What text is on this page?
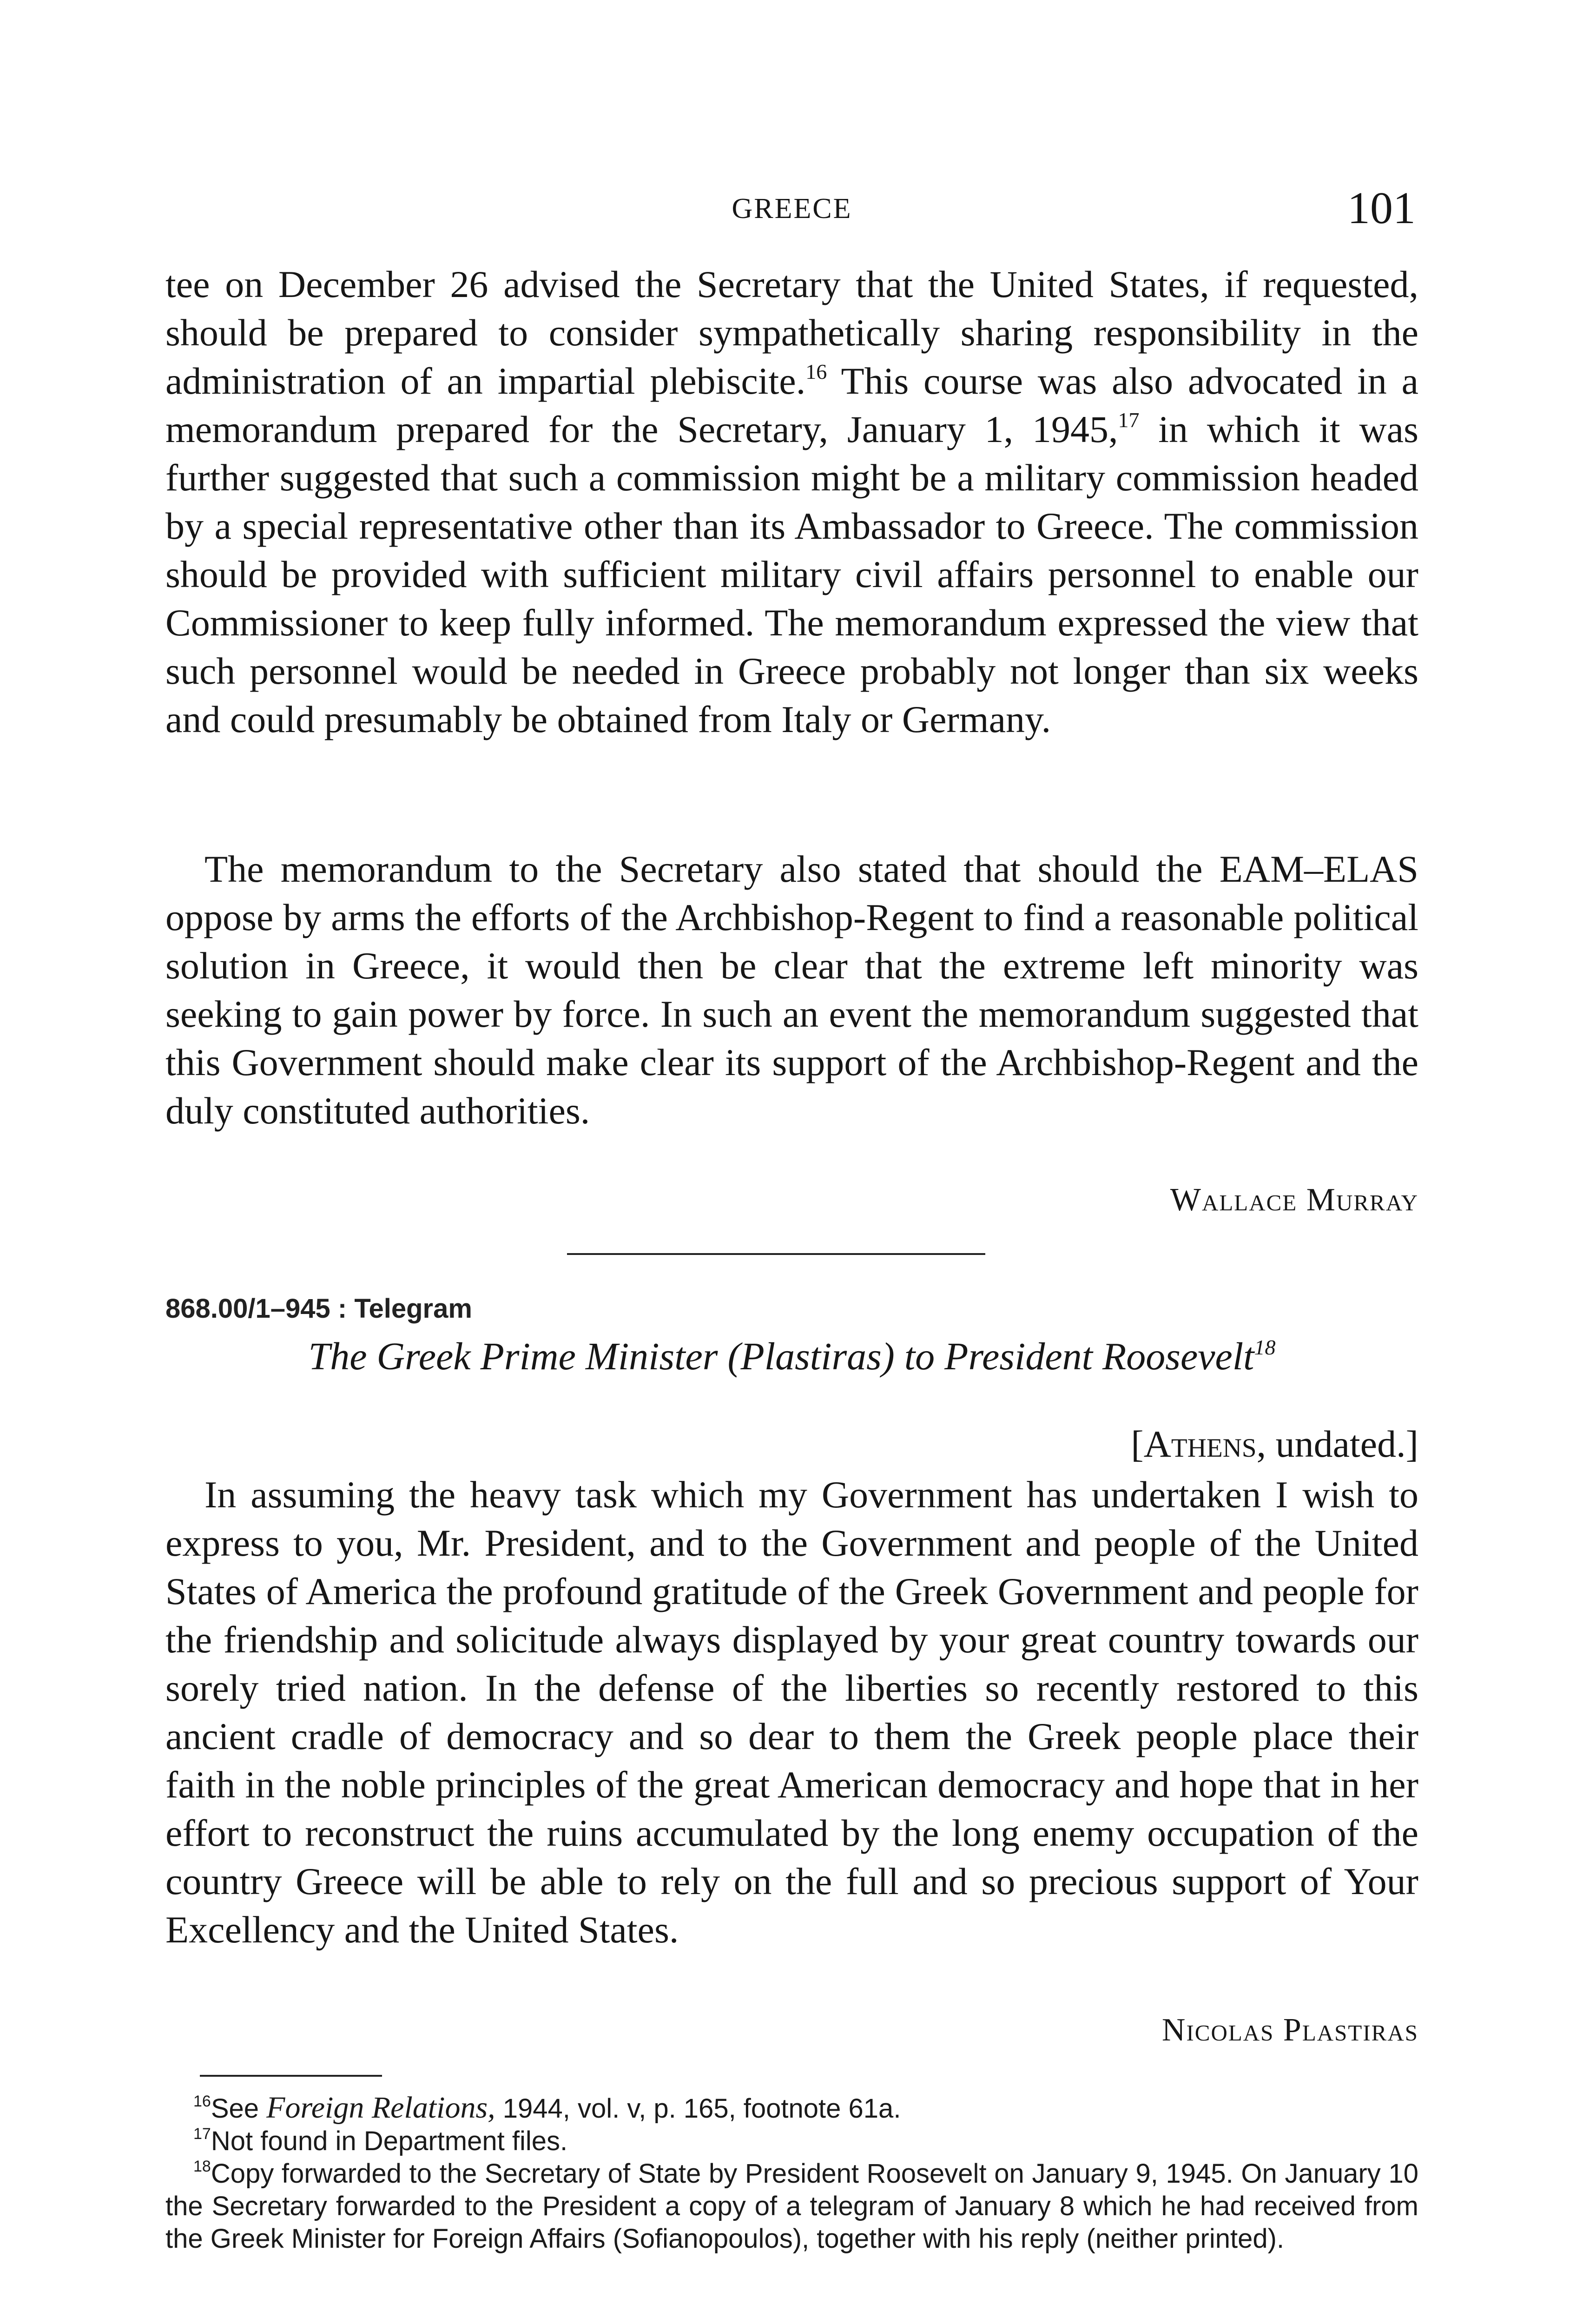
GREECE	101

tee on December 26 advised the Secretary that the United States, if requested, should be prepared to consider sympathetically sharing responsibility in the administration of an impartial plebiscite.$^{16}$ This course was also advocated in a memorandum prepared for the Secretary, January 1, 1945,17 in which it was further suggested that such a commission might be a military commission headed by a special representative other than its Ambassador to Greece. The commission should be provided with sufficient military civil affairs personnel to enable our Commissioner to keep fully informed. The memorandum expressed the view that such personnel would be needed in Greece probably not longer than six weeks and could presumably be obtained from Italy or Germany.

The memorandum to the Secretary also stated that should the EAM–ELAS oppose by arms the efforts of the Archbishop-Regent to find a reasonable political solution in Greece, it would then be clear that the extreme left minority was seeking to gain power by force. In such an event the memorandum suggested that this Government should make clear its support of the Archbishop-Regent and the duly constituted authorities.

Wallace Murray
868.00/1–945 : Telegram

The Greek Prime Minister (Plastiras) to President Roosevelt$^{18}$

[Athens, undated.]

In assuming the heavy task which my Government has undertaken I wish to express to you, Mr. President, and to the Government and people of the United States of America the profound gratitude of the Greek Government and people for the friendship and solicitude always displayed by your great country towards our sorely tried nation. In the defense of the liberties so recently restored to this ancient cradle of democracy and so dear to them the Greek people place their faith in the noble principles of the great American democracy and hope that in her effort to reconstruct the ruins accumulated by the long enemy occupation of the country Greece will be able to rely on the full and so precious support of Your Excellency and the United States.

Nicolas Plastiras

$^{16}$See Foreign Relations, 1944, vol. v, p. 165, footnote 61a.

$^{17}$Not found in Department files.

$^{18}$Copy forwarded to the Secretary of State by President Roosevelt on January 9, 1945. On January 10 the Secretary forwarded to the President a copy of a telegram of January 8 which he had received from the Greek Minister for Foreign Affairs (Sofianopoulos), together with his reply (neither printed).
